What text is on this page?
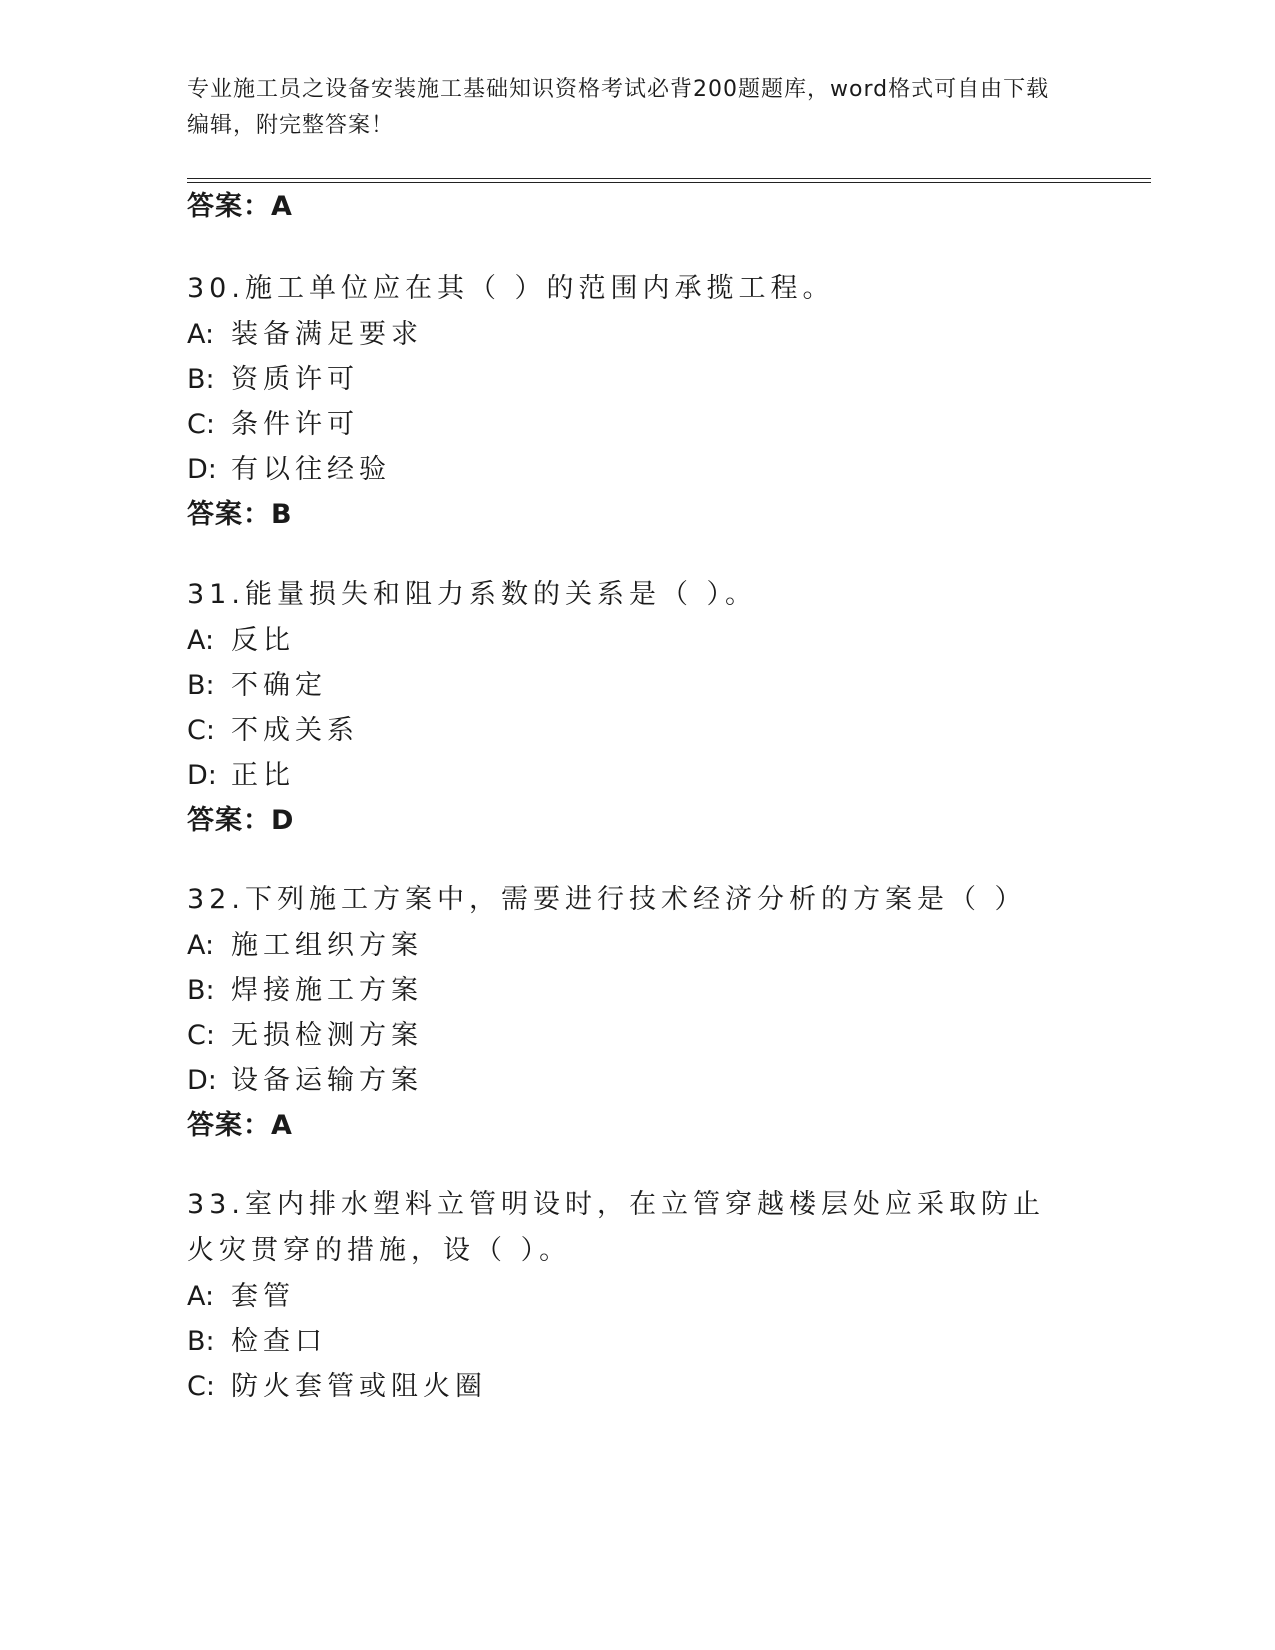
专业施工员之设备安装施工基础知识资格考试必背200题题库，word格式可自由下载编辑，附完整答案！
答案：A
30.施工单位应在其（ ）的范围内承揽工程。
A: 装备满足要求
B: 资质许可
C: 条件许可
D: 有以往经验
答案：B
31.能量损失和阻力系数的关系是（ ）。
A: 反比
B: 不确定
C: 不成关系
D: 正比
答案：D
32.下列施工方案中，需要进行技术经济分析的方案是（ ）
A: 施工组织方案
B: 焊接施工方案
C: 无损检测方案
D: 设备运输方案
答案：A
33.室内排水塑料立管明设时，在立管穿越楼层处应采取防止火灾贯穿的措施，设（ ）。
A: 套管
B: 检查口
C: 防火套管或阻火圈
